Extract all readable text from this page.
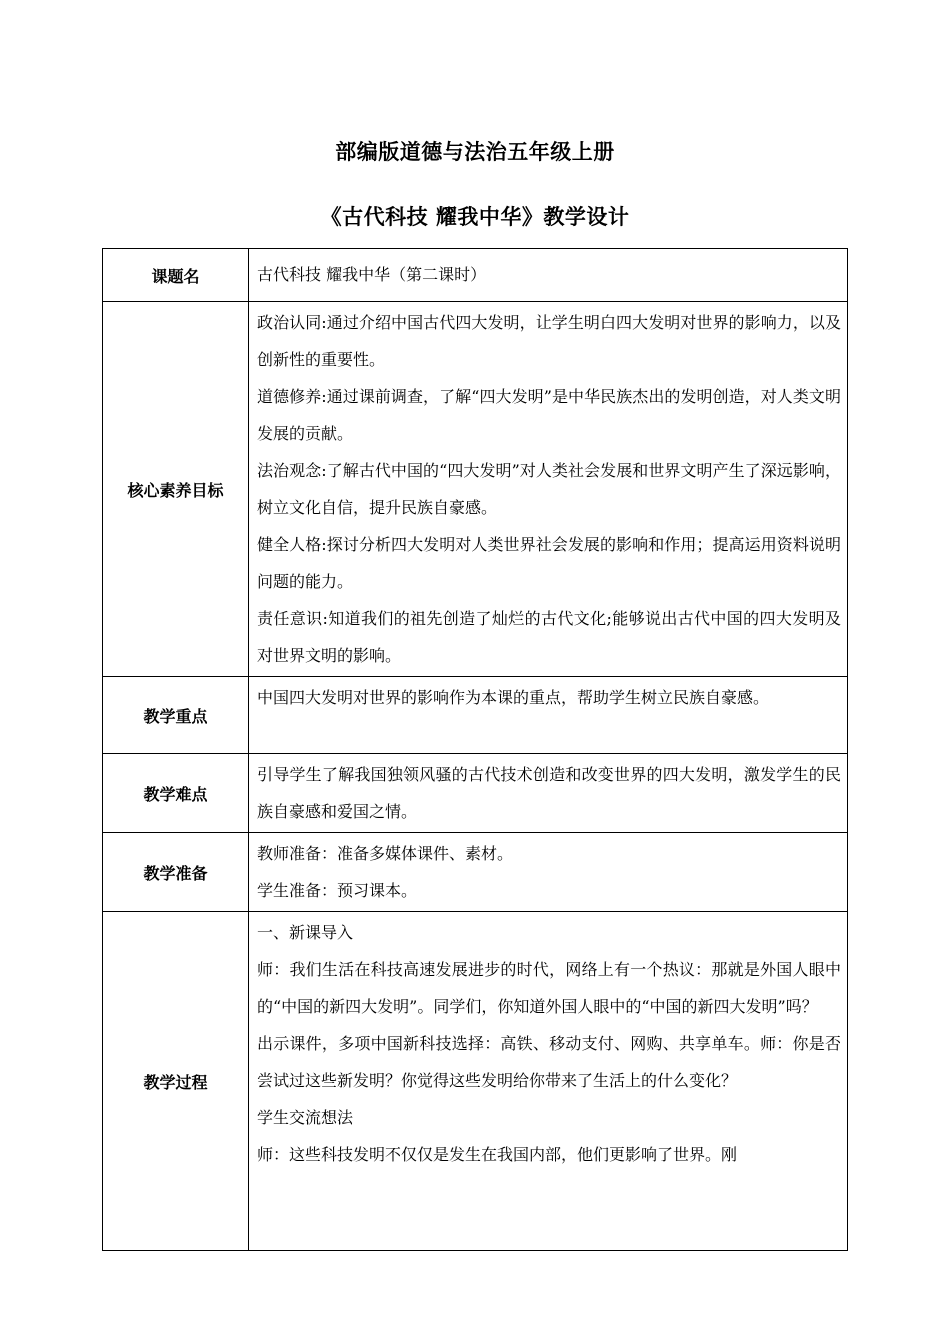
部编版道德与法治五年级上册
《古代科技 耀我中华》教学设计
课题名	古代科技 耀我中华（第二课时）

核心素养目标	政治认同:通过介绍中国古代四大发明，让学生明白四大发明对世界的影响力，以及创新性的重要性。

道德修养:通过课前调查，了解“四大发明”是中华民族杰出的发明创造，对人类文明发展的贡献。

法治观念:了解古代中国的“四大发明”对人类社会发展和世界文明产生了深远影响，树立文化自信，提升民族自豪感。

健全人格:探讨分析四大发明对人类世界社会发展的影响和作用；提高运用资料说明问题的能力。

责任意识:知道我们的祖先创造了灿烂的古代文化;能够说出古代中国的四大发明及对世界文明的影响。

教学重点	中国四大发明对世界的影响作为本课的重点，帮助学生树立民族自豪感。

教学难点	引导学生了解我国独领风骚的古代技术创造和改变世界的四大发明，激发学生的民族自豪感和爱国之情。

教学准备	教师准备：准备多媒体课件、素材。

学生准备：预习课本。

教学过程	一、新课导入

师：我们生活在科技高速发展进步的时代，网络上有一个热议：那就是外国人眼中的“中国的新四大发明”。同学们，你知道外国人眼中的“中国的新四大发明”吗？

出示课件，多项中国新科技选择：高铁、移动支付、网购、共享单车。师：你是否尝试过这些新发明？你觉得这些发明给你带来了生活上的什么变化？

学生交流想法

师：这些科技发明不仅仅是发生在我国内部，他们更影响了世界。刚
